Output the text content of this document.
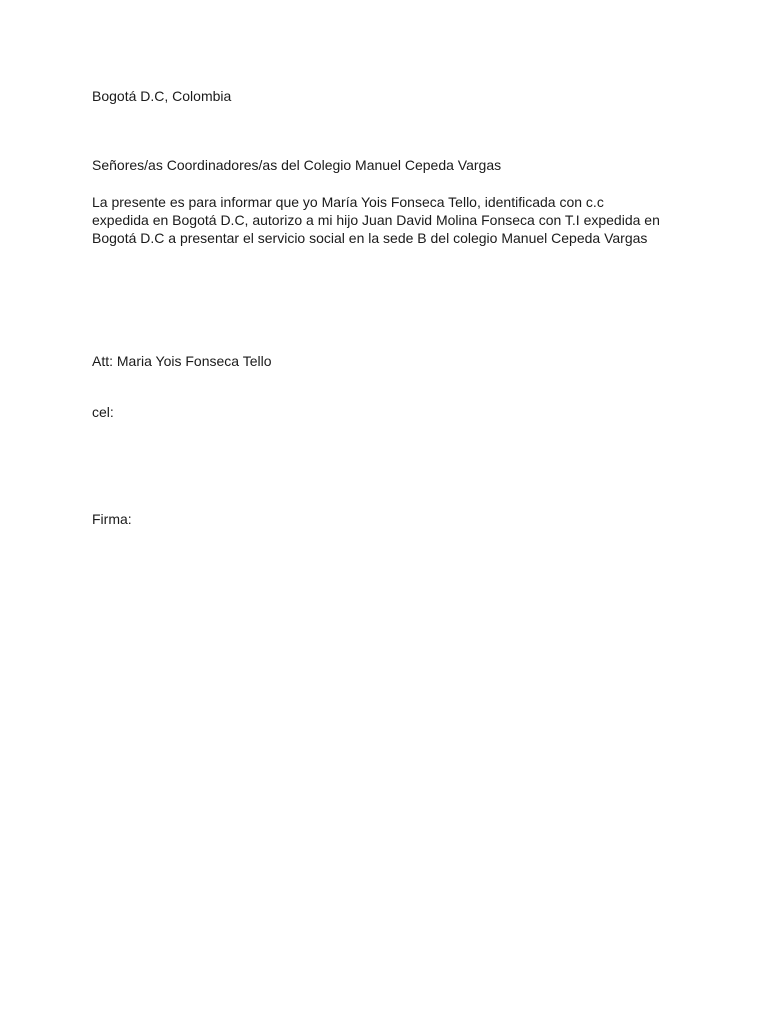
Bogotá D.C, Colombia
Señores/as Coordinadores/as del Colegio Manuel Cepeda Vargas
La presente es para informar que yo María Yois Fonseca Tello, identificada con c.c
expedida en Bogotá D.C, autorizo a mi hijo Juan David Molina Fonseca con T.I expedida en
Bogotá D.C a presentar el servicio social en la sede B del colegio Manuel Cepeda Vargas
Att: Maria Yois Fonseca Tello
cel:
Firma:
